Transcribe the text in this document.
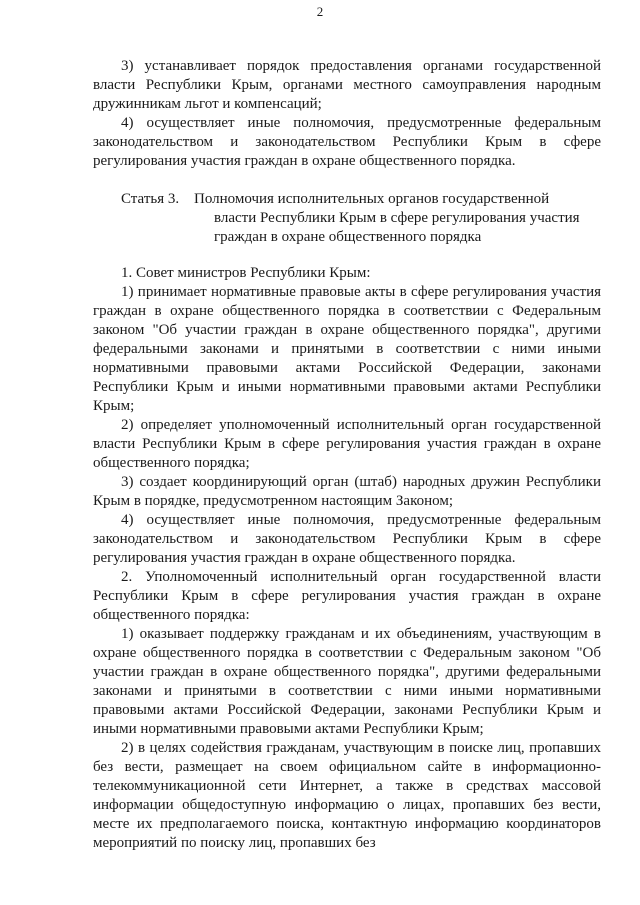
2

3) устанавливает порядок предоставления органами государственной власти Республики Крым, органами местного самоуправления народным дружинникам льгот и компенсаций;

4) осуществляет иные полномочия, предусмотренные федеральным законодательством и законодательством Республики Крым в сфере регулирования участия граждан в охране общественного порядка.

Статья 3. Полномочия исполнительных органов государственной
власти Республики Крым в сфере регулирования участия
граждан в охране общественного порядка

1. Совет министров Республики Крым:

1) принимает нормативные правовые акты в сфере регулирования участия граждан в охране общественного порядка в соответствии с Федеральным законом "Об участии граждан в охране общественного порядка", другими федеральными законами и принятыми в соответствии с ними иными нормативными правовыми актами Российской Федерации, законами Республики Крым и иными нормативными правовыми актами Республики Крым;

2) определяет уполномоченный исполнительный орган государственной власти Республики Крым в сфере регулирования участия граждан в охране общественного порядка;

3) создает координирующий орган (штаб) народных дружин Республики Крым в порядке, предусмотренном настоящим Законом;

4) осуществляет иные полномочия, предусмотренные федеральным законодательством и законодательством Республики Крым в сфере регулирования участия граждан в охране общественного порядка.

2. Уполномоченный исполнительный орган государственной власти Республики Крым в сфере регулирования участия граждан в охране общественного порядка:

1) оказывает поддержку гражданам и их объединениям, участвующим в охране общественного порядка в соответствии с Федеральным законом "Об участии граждан в охране общественного порядка", другими федеральными законами и принятыми в соответствии с ними иными нормативными правовыми актами Российской Федерации, законами Республики Крым и иными нормативными правовыми актами Республики Крым;

2) в целях содействия гражданам, участвующим в поиске лиц, пропавших без вести, размещает на своем официальном сайте в информационно-телекоммуникационной сети Интернет, а также в средствах массовой информации общедоступную информацию о лицах, пропавших без вести, месте их предполагаемого поиска, контактную информацию координаторов мероприятий по поиску лиц, пропавших без
